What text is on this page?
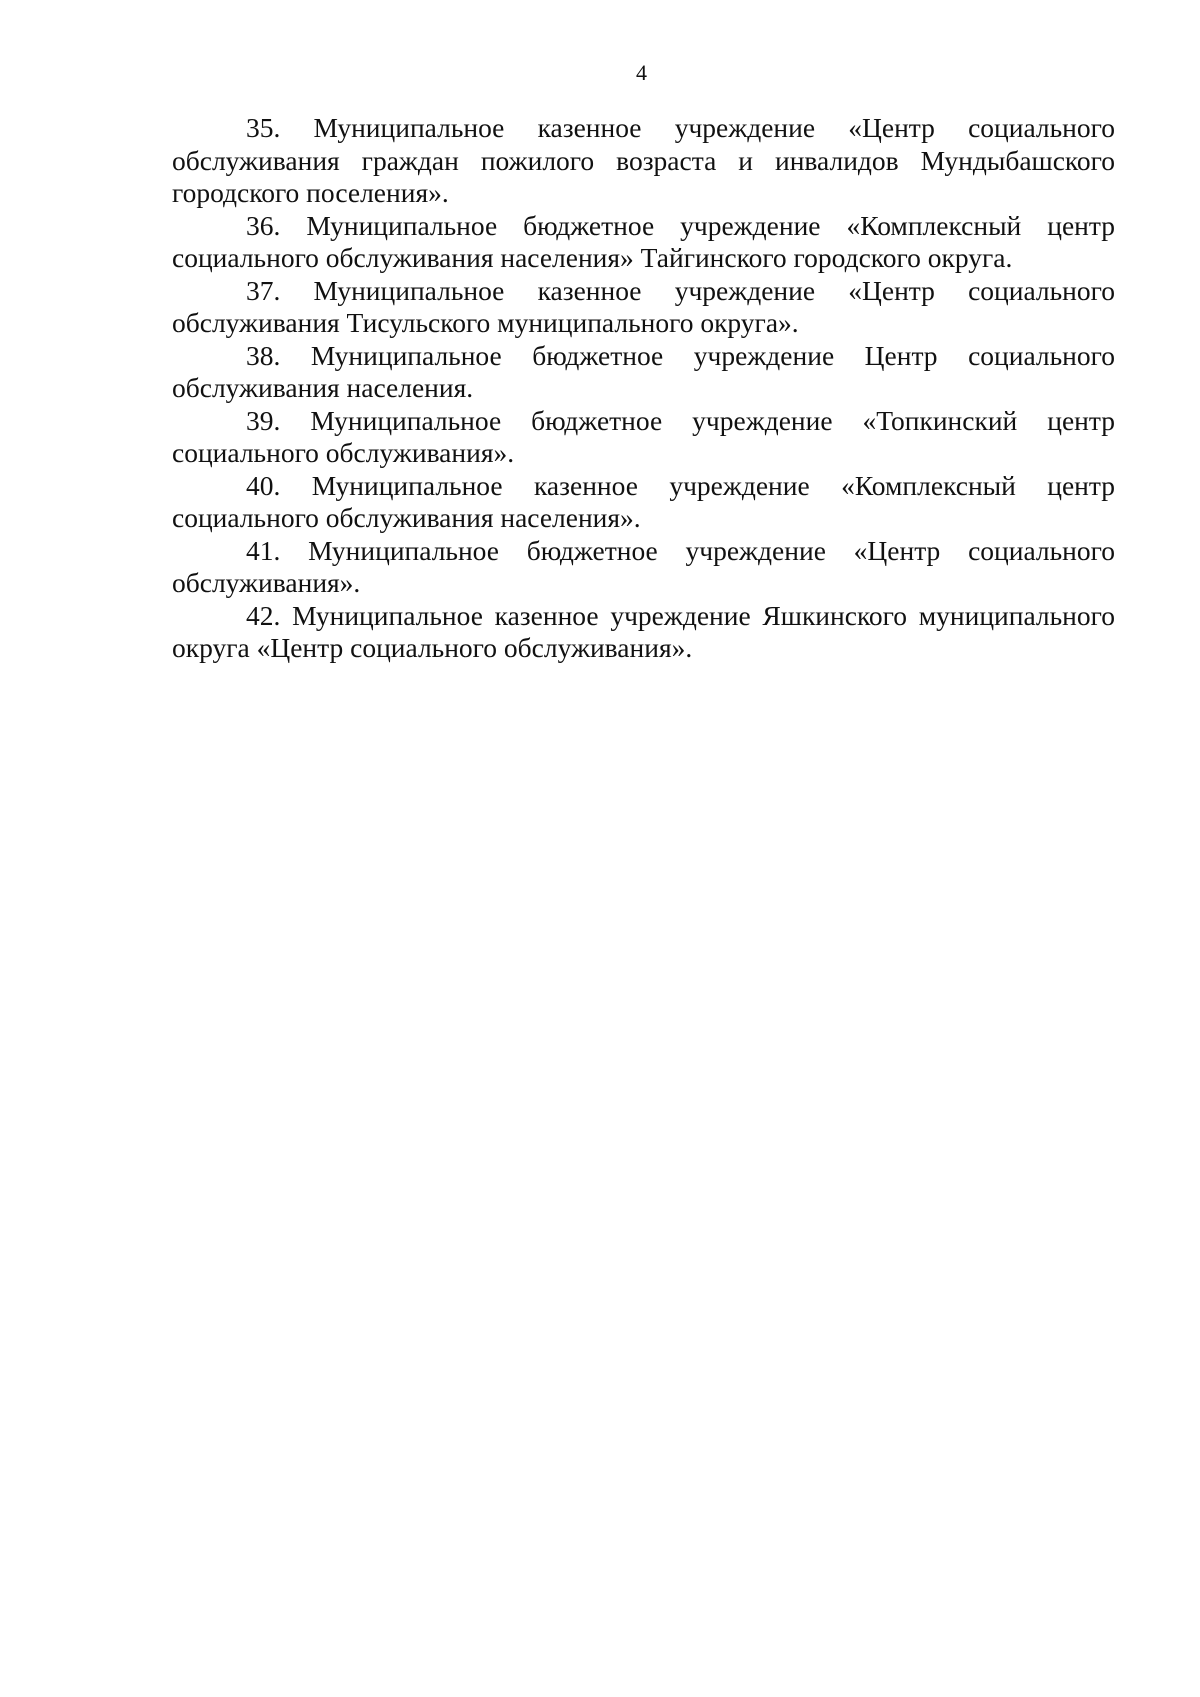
4

35. Муниципальное казенное учреждение «Центр социального обслуживания граждан пожилого возраста и инвалидов Мундыбашского городского поселения».

36. Муниципальное бюджетное учреждение «Комплексный центр социального обслуживания населения» Тайгинского городского округа.

37. Муниципальное казенное учреждение «Центр социального обслуживания Тисульского муниципального округа».

38. Муниципальное бюджетное учреждение Центр социального обслуживания населения.

39. Муниципальное бюджетное учреждение «Топкинский центр социального обслуживания».

40. Муниципальное казенное учреждение «Комплексный центр социального обслуживания населения».

41. Муниципальное бюджетное учреждение «Центр социального обслуживания».

42. Муниципальное казенное учреждение Яшкинского муниципального округа «Центр социального обслуживания».
